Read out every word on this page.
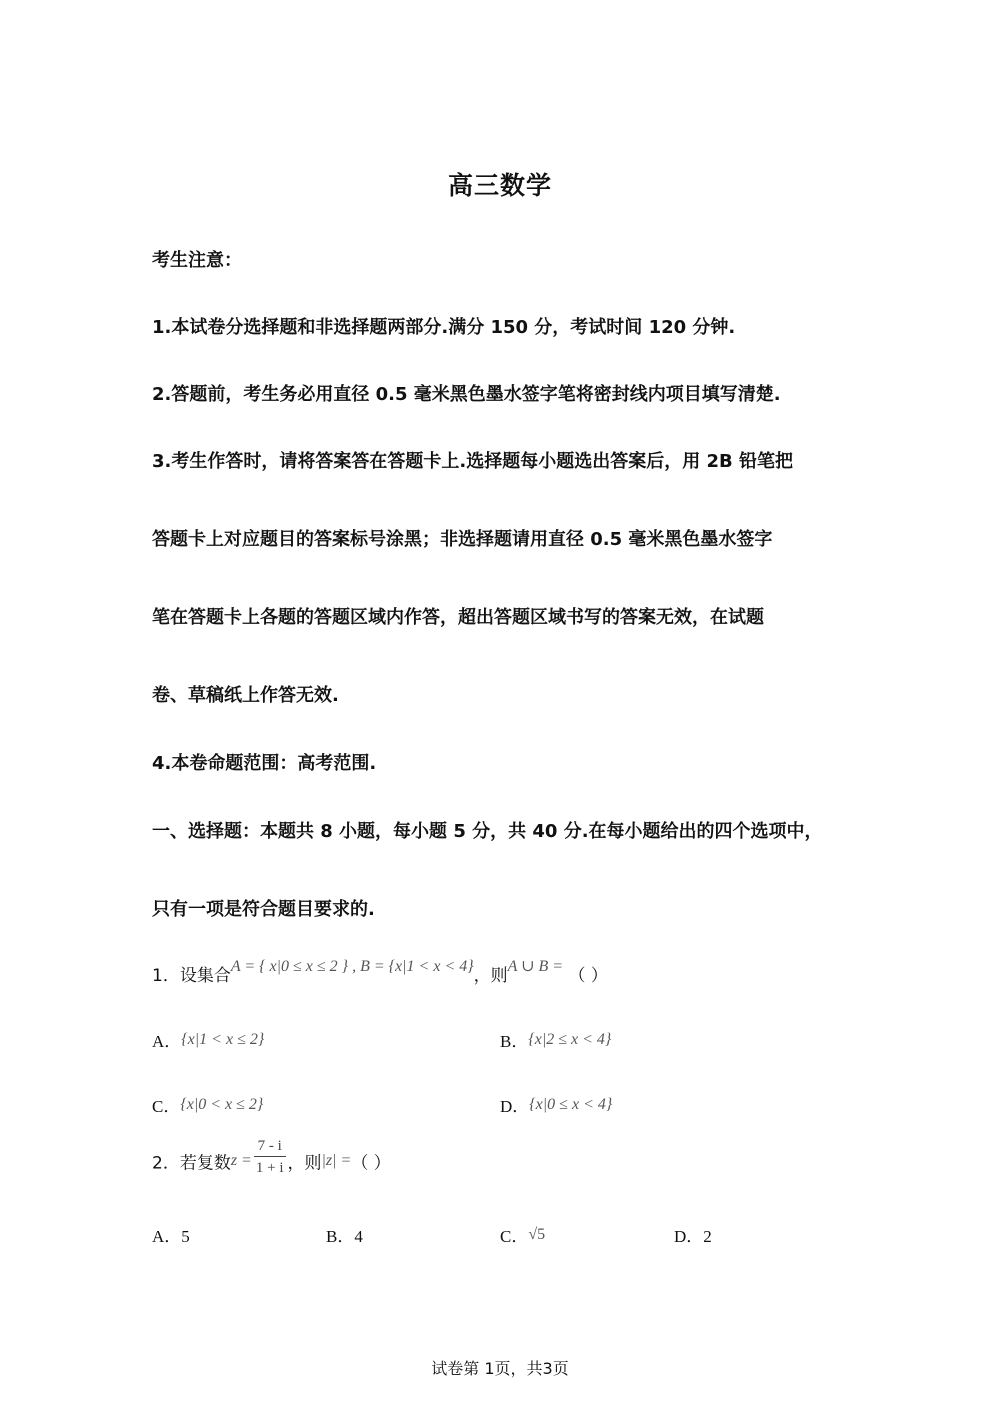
高三数学
考生注意：
1.本试卷分选择题和非选择题两部分.满分 150 分，考试时间 120 分钟.
2.答题前，考生务必用直径 0.5 毫米黑色墨水签字笔将密封线内项目填写清楚.
3.考生作答时，请将答案答在答题卡上.选择题每小题选出答案后，用 2B 铅笔把
答题卡上对应题目的答案标号涂黑；非选择题请用直径 0.5 毫米黑色墨水签字
笔在答题卡上各题的答题区域内作答，超出答题区域书写的答案无效，在试题
卷、草稿纸上作答无效.
4.本卷命题范围：高考范围.
一、选择题：本题共 8 小题，每小题 5 分，共 40 分.在每小题给出的四个选项中，
只有一项是符合题目要求的.
1．设集合A = { x|0 ≤ x ≤ 2 } , B = {x|1 < x < 4}，则A ∪ B = （ ）
A．{x|1 < x ≤ 2}	B．{x|2 ≤ x < 4}
C．{x|0 < x ≤ 2}	D．{x|0 ≤ x < 4}
2．若复数$z = \frac{7 - i}{1 + i}$ ，则|z| =（ ）
A．5	B．4	C．√5	D．2
试卷第 1页，共3页
